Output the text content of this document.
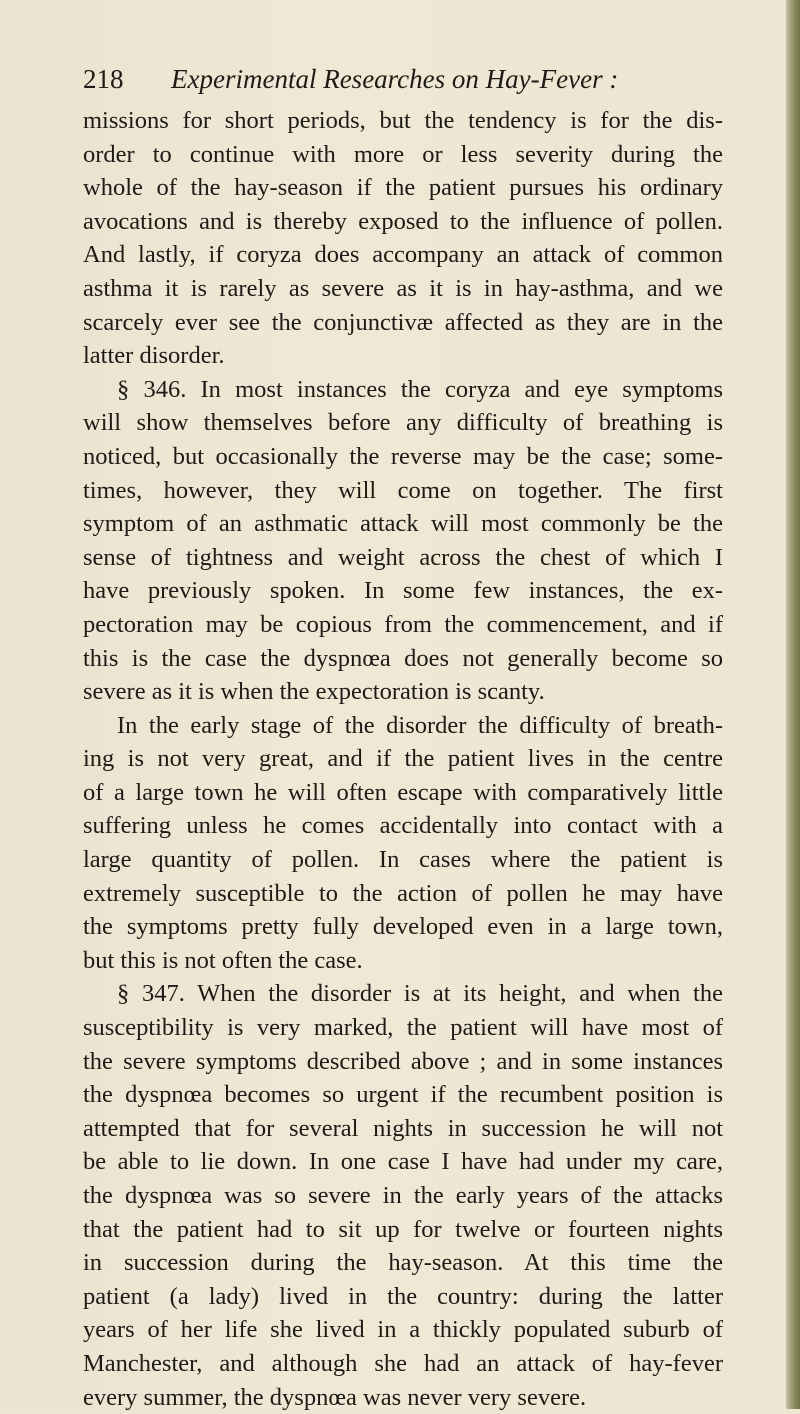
218 Experimental Researches on Hay-Fever :
missions for short periods, but the tendency is for the dis-
order to continue with more or less severity during the
whole of the hay-season if the patient pursues his ordinary
avocations and is thereby exposed to the influence of pollen.
And lastly, if coryza does accompany an attack of common
asthma it is rarely as severe as it is in hay-asthma, and we
scarcely ever see the conjunctivæ affected as they are in the
latter disorder.
§ 346. In most instances the coryza and eye symptoms
will show themselves before any difficulty of breathing is
noticed, but occasionally the reverse may be the case; some-
times, however, they will come on together. The first
symptom of an asthmatic attack will most commonly be the
sense of tightness and weight across the chest of which I
have previously spoken. In some few instances, the ex-
pectoration may be copious from the commencement, and if
this is the case the dyspnœa does not generally become so
severe as it is when the expectoration is scanty.
In the early stage of the disorder the difficulty of breath-
ing is not very great, and if the patient lives in the centre
of a large town he will often escape with comparatively little
suffering unless he comes accidentally into contact with a
large quantity of pollen. In cases where the patient is
extremely susceptible to the action of pollen he may have
the symptoms pretty fully developed even in a large town,
but this is not often the case.
§ 347. When the disorder is at its height, and when the
susceptibility is very marked, the patient will have most of
the severe symptoms described above ; and in some instances
the dyspnœa becomes so urgent if the recumbent position is
attempted that for several nights in succession he will not
be able to lie down. In one case I have had under my care,
the dyspnœa was so severe in the early years of the attacks
that the patient had to sit up for twelve or fourteen nights
in succession during the hay-season. At this time the
patient (a lady) lived in the country: during the latter
years of her life she lived in a thickly populated suburb of
Manchester, and although she had an attack of hay-fever
every summer, the dyspnœa was never very severe.
